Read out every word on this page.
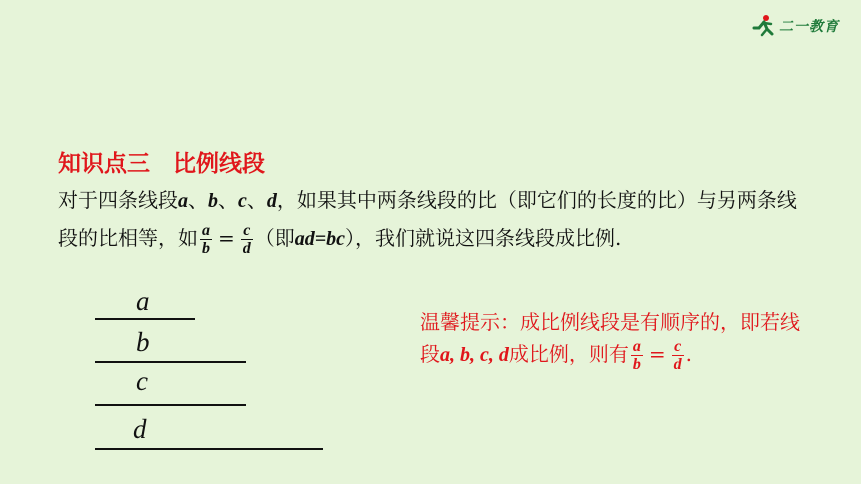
二一教育
知识点三　比例线段
对于四条线段a、b、c、d，如果其中两条线段的比（即它们的长度的比）与另两条线段的比相等，如 $\frac{a}{b} = \frac{c}{d}$ （即ad=bc），我们就说这四条线段成比例.
a
b
c
d
温馨提示：成比例线段是有顺序的，即若线段a, b, c, d成比例，则有 $\frac{a}{b} = \frac{c}{d}$ .
